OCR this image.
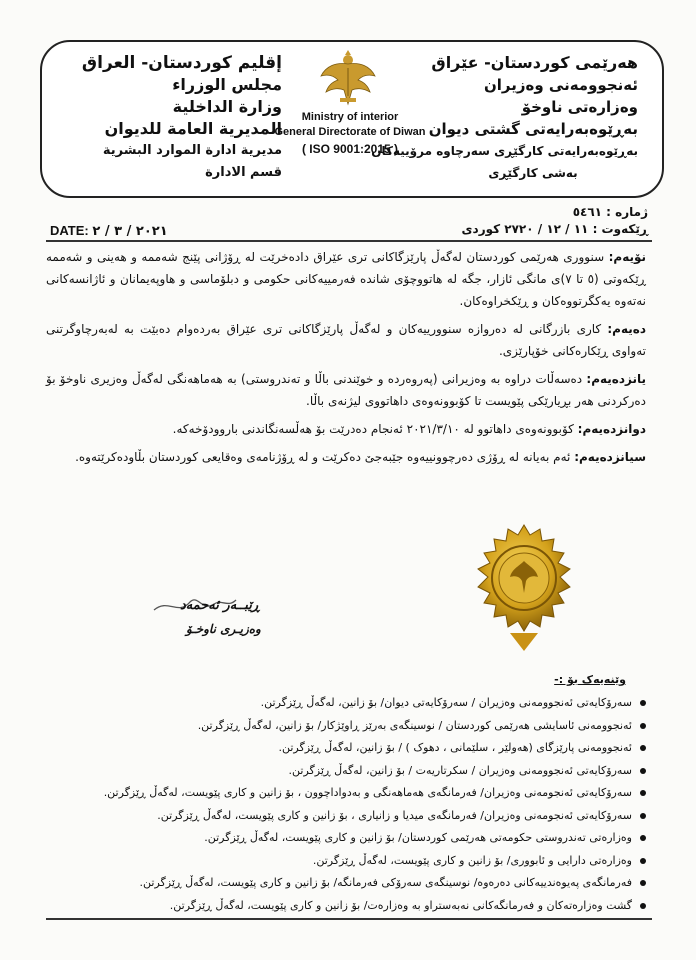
هەرێمی کوردستان- عێراق
ئەنجوومەنی وەزیران
وەزارەتی ناوخۆ
بەڕێوەبەرایەتی گشتی دیوان
بەڕێوەبەرایەتی کارگێڕی سەرچاوە مرۆییەکان
بەشی کارگێڕی
إقليم كوردستان- العراق
مجلس الوزراء
وزارة الداخلية
المديرية العامة للديوان
مديرية ادارة الموارد البشرية
قسم الادارة
Ministry of interior
General Directorate of Diwan
( ISO 9001:2015 )
ژمارە : ٥٤٦١
ڕێکەوت : ١١ / ١٢ / ٢٧٢٠ کوردی
DATE: ٢٠٢١ / ٣ / ٢

نۆیەم: سنووری هەرێمی کوردستان لەگەڵ پارێزگاکانی تری عێراق دادەخرێت لە ڕۆژانی پێنج شەممە و هەینی و شەممە ڕێکەوتی (٥ تا ٧)ی مانگی ئازار، جگە لە هاتووچۆی شاندە فەرمییەکانی حکومی و دبلۆماسی و هاوپەیمانان و ئاژانسەکانی نەتەوە یەکگرتووەکان و ڕێکخراوەکان.

دەیەم: کاری بازرگانی لە دەروازە سنوورییەکان و لەگەڵ پارێزگاکانی تری عێراق بەردەوام دەبێت بە لەبەرچاوگرتنی تەواوی ڕێکارەکانی خۆپارێزی.

یانزدەیەم: دەسەڵات دراوە بە وەزیرانی (پەروەردە و خوێندنی باڵا و تەندروستی) بە هەماهەنگی لەگەڵ وەزیری ناوخۆ بۆ دەرکردنی هەر بڕیارێکی پێویست تا کۆبوونەوەی داهاتووی لیژنەی باڵا.

دوانزدەیەم: کۆبوونەوەی داهاتوو لە ٢٠٢١/٣/١٠ ئەنجام دەدرێت بۆ هەڵسەنگاندنی باروودۆخەکە.

سیانزدەیەم: ئەم بەیانە لە ڕۆژی دەرچوونییەوە جێبەجێ دەکرێت و لە ڕۆژنامەی وەقایعی کوردستان بڵاودەکرێتەوە.

ڕێبــەر ئەحمەد
وەزیـری ناوخـۆ
وێنەیەک بۆ :-
سەرۆکایەتی ئەنجوومەنی وەزیران / سەرۆکایەتی دیوان/ بۆ زانین، لەگەڵ ڕێزگرتن.
ئەنجوومەنی ئاسایشی هەرێمی کوردستان / نوسینگەی بەرێز ڕاوێژکار/ بۆ زانین، لەگەڵ ڕێزگرتن.
ئەنجوومەنی پارێزگای (هەولێر ، سلێمانی ، دهوک ) / بۆ زانین، لەگەڵ ڕێزگرتن.
سەرۆکایەتی ئەنجوومەنی وەزیران / سکرتاریەت / بۆ زانین، لەگەڵ ڕێزگرتن.
سەرۆکایەتی ئەنجومەنی وەزیران/ فەرمانگەی هەماهەنگی و بەدواداچوون ، بۆ زانین و کاری پێویست، لەگەڵ ڕێزگرتن.
سەرۆکایەتی ئەنجومەنی وەزیران/ فەرمانگەی میدیا و زانیاری ، بۆ زانین و کاری پێویست، لەگەڵ ڕێزگرتن.
وەزارەتی تەندروستی حکومەتی هەرێمی کوردستان/ بۆ زانین و کاری پێویست، لەگەڵ ڕێزگرتن.
وەزارەتی دارایی و ئابووری/ بۆ زانین و کاری پێویست، لەگەڵ ڕێزگرتن.
فەرمانگەی پەیوەندییەکانی دەرەوە/ نوسینگەی سەرۆکی فەرمانگە/ بۆ زانین و کاری پێویست، لەگەڵ ڕێزگرتن.
گشت وەزارەتەکان و فەرمانگەکانی نەبەستراو بە وەزارەت/ بۆ زانین و کاری پێویست، لەگەڵ ڕێزگرتن.
